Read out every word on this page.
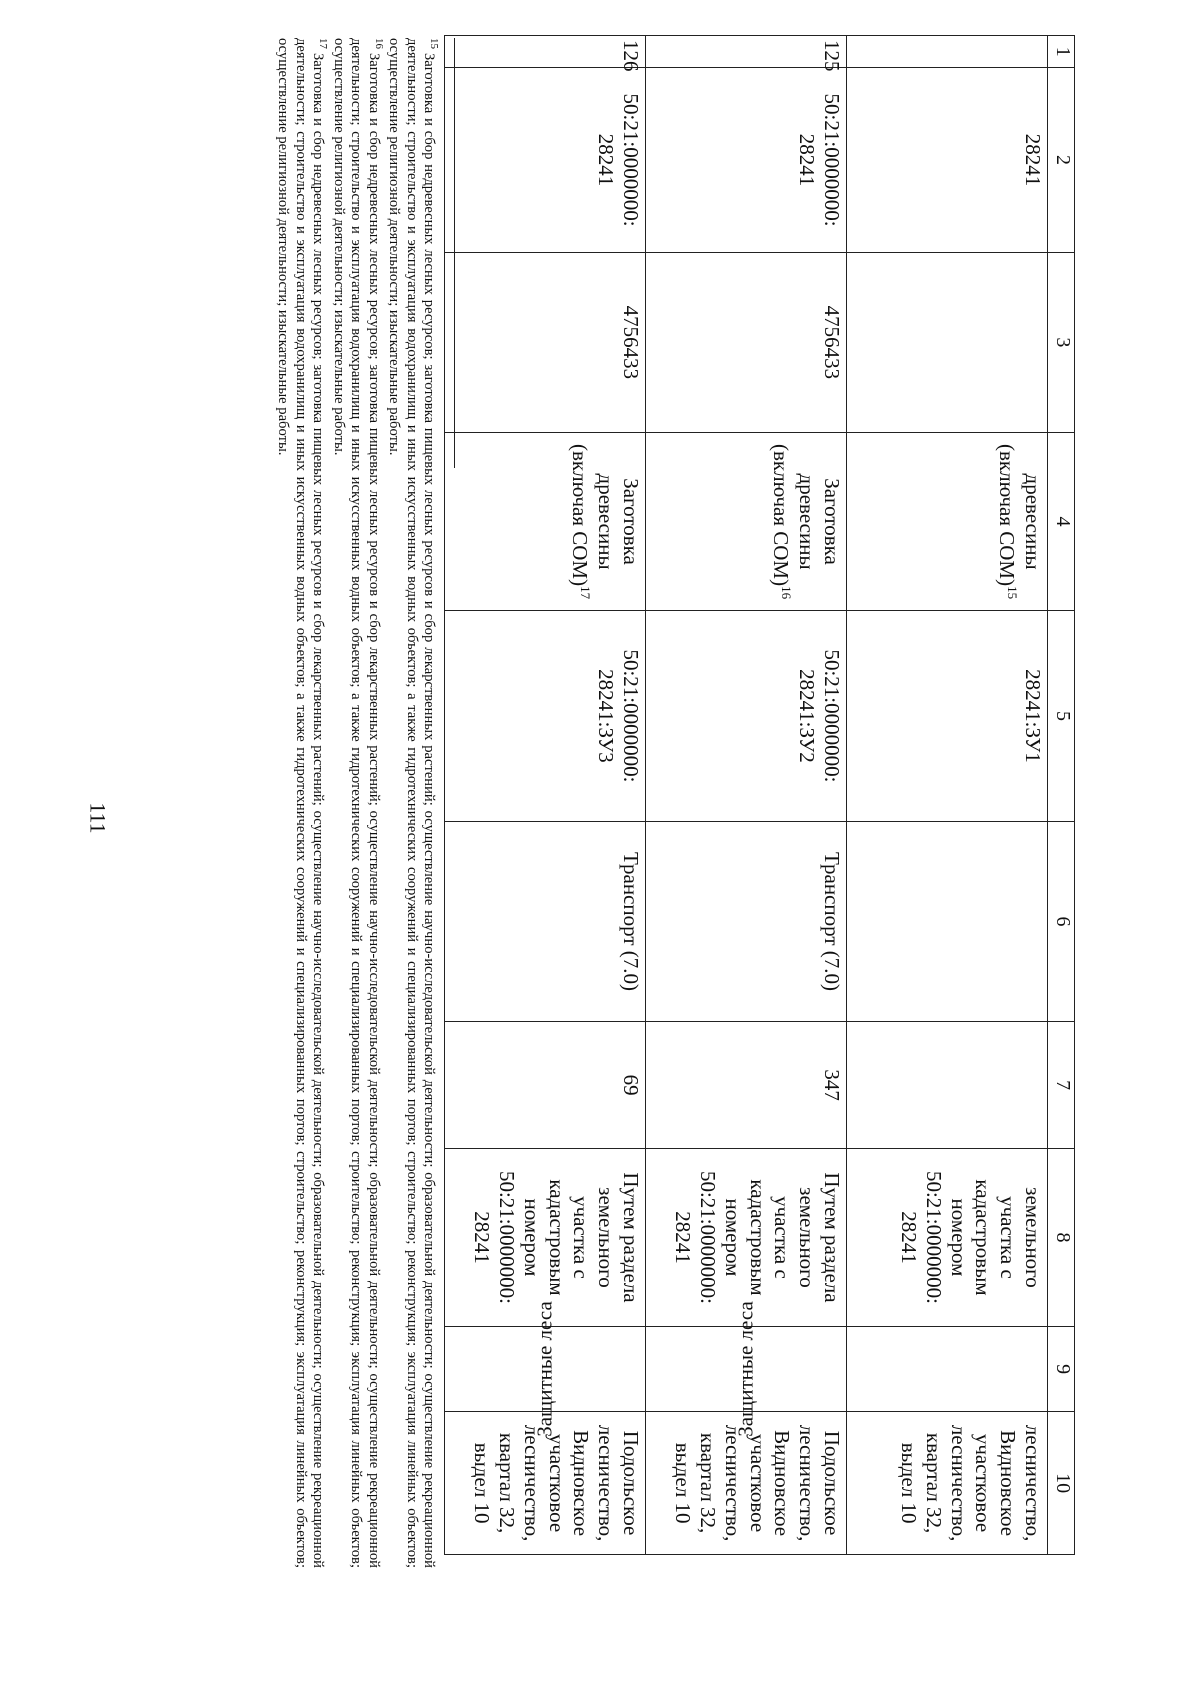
111
1	2	3	4	5	6	7	8	9	10
	28241		древесины (включая СОМ)$^{15}$	28241:ЗУ1			земельного участка с кадастровым номером 50:21:0000000: 28241		лесничество, Видновское участковое лесничество, квартал 32, выдел 10
125	50:21:0000000: 28241	4756433	Заготовка древесины (включая СОМ)$^{16}$	50:21:0000000: 28241:ЗУ2	Транспорт (7.0)	347	Путем раздела земельного участка с кадастровым номером 50:21:0000000: 28241	Защитные леса	Подольское лесничество, Видновское участковое лесничество, квартал 32, выдел 10
126	50:21:0000000: 28241	4756433	Заготовка древесины (включая СОМ)$^{17}$	50:21:0000000: 28241:ЗУ3	Транспорт (7.0)	69	Путем раздела земельного участка с кадастровым номером 50:21:0000000: 28241	Защитные леса	Подольское лесничество, Видновское участковое лесничество, квартал 32, выдел 10

$^{15}$Заготовка и сбор недревесных лесных ресурсов; заготовка пищевых лесных ресурсов и сбор лекарственных растений; осуществление научно-исследовательской деятельности; образовательной деятельности; осуществление рекреационной деятельности; строительство и эксплуатация водохранилищ и иных искусственных водных объектов; а также гидротехнических сооружений и специализированных портов; строительство; реконструкция; эксплуатация линейных объектов; осуществление религиозной деятельности; изыскательные работы.

$^{16}$Заготовка и сбор недревесных лесных ресурсов; заготовка пищевых лесных ресурсов и сбор лекарственных растений; осуществление научно-исследовательской деятельности; образовательной деятельности; осуществление рекреационной деятельности; строительство и эксплуатация водохранилищ и иных искусственных водных объектов; а также гидротехнических сооружений и специализированных портов; строительство; реконструкция; эксплуатация линейных объектов; осуществление религиозной деятельности; изыскательные работы.

$^{17}$Заготовка и сбор недревесных лесных ресурсов; заготовка пищевых лесных ресурсов и сбор лекарственных растений; осуществление научно-исследовательской деятельности; образовательной деятельности; осуществление рекреационной деятельности; строительство и эксплуатация водохранилищ и иных искусственных водных объектов; а также гидротехнических сооружений и специализированных портов; строительство; реконструкция; эксплуатация линейных объектов; осуществление религиозной деятельности; изыскательные работы.
